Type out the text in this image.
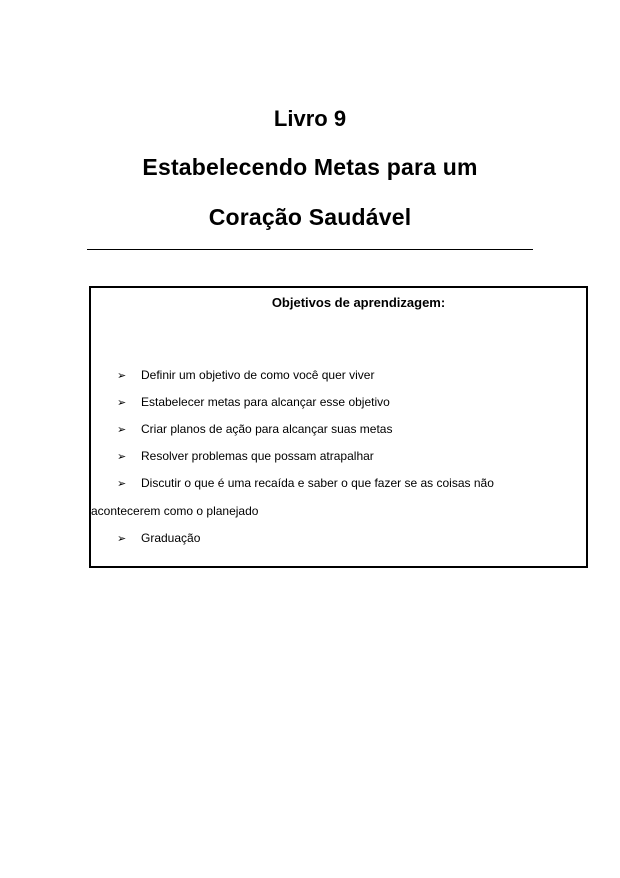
Livro 9
Estabelecendo Metas para um
Coração Saudável
Objetivos de aprendizagem:
➢ Definir um objetivo de como você quer viver
➢ Estabelecer metas para alcançar esse objetivo
➢ Criar planos de ação para alcançar suas metas
➢ Resolver problemas que possam atrapalhar
➢ Discutir o que é uma recaída e saber o que fazer se as coisas não
acontecerem como o planejado
➢ Graduação
